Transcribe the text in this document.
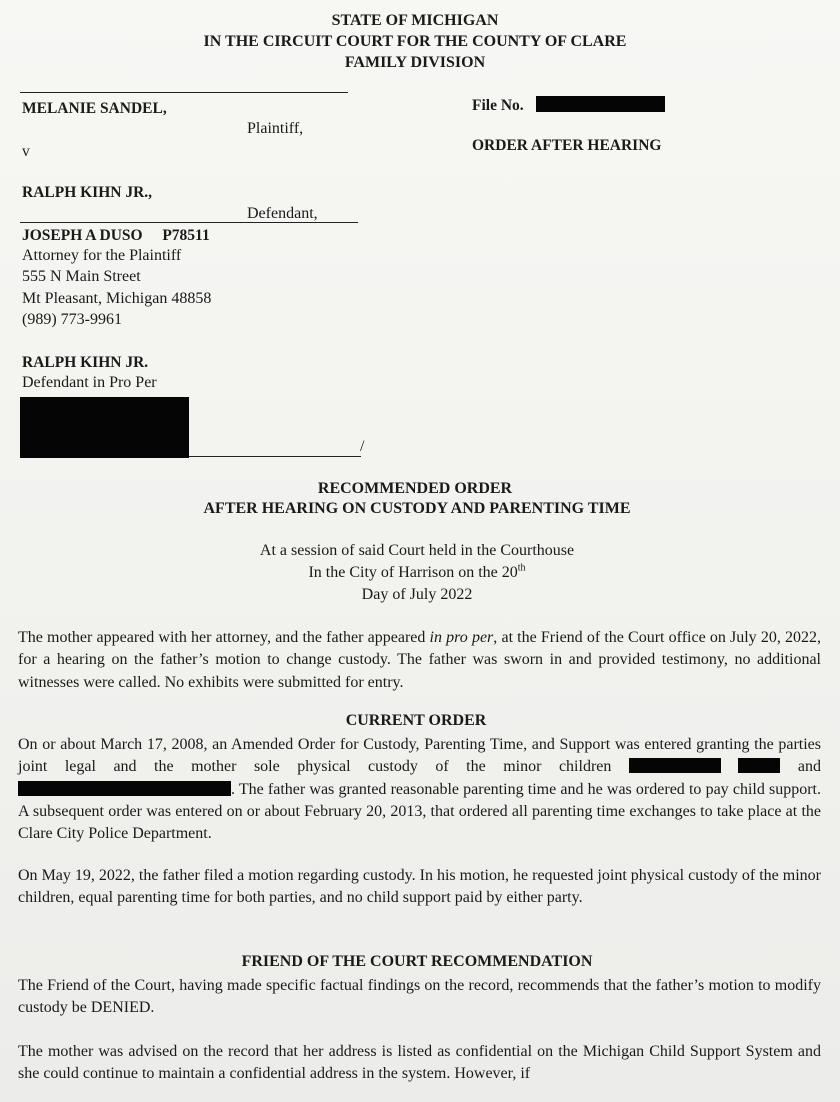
STATE OF MICHIGAN
IN THE CIRCUIT COURT FOR THE COUNTY OF CLARE
FAMILY DIVISION
MELANIE SANDEL,
Plaintiff,
v
RALPH KIHN JR.,
Defendant,
File No.
ORDER AFTER HEARING
JOSEPH A DUSO P78511
Attorney for the Plaintiff
555 N Main Street
Mt Pleasant, Michigan 48858
(989) 773-9961
RALPH KIHN JR.
Defendant in Pro Per
/
RECOMMENDED ORDER
AFTER HEARING ON CUSTODY AND PARENTING TIME
At a session of said Court held in the Courthouse
In the City of Harrison on the 20th
Day of July 2022
The mother appeared with her attorney, and the father appeared in pro per, at the Friend of the Court office on July 20, 2022, for a hearing on the father’s motion to change custody. The father was sworn in and provided testimony, no additional witnesses were called. No exhibits were submitted for entry.
CURRENT ORDER
On or about March 17, 2008, an Amended Order for Custody, Parenting Time, and Support was entered granting the parties joint legal and the mother sole physical custody of the minor children	and . The father was granted reasonable parenting time and he was ordered to pay child support. A subsequent order was entered on or about February 20, 2013, that ordered all parenting time exchanges to take place at the Clare City Police Department.
On May 19, 2022, the father filed a motion regarding custody. In his motion, he requested joint physical custody of the minor children, equal parenting time for both parties, and no child support paid by either party.
FRIEND OF THE COURT RECOMMENDATION
The Friend of the Court, having made specific factual findings on the record, recommends that the father’s motion to modify custody be DENIED.
The mother was advised on the record that her address is listed as confidential on the Michigan Child Support System and she could continue to maintain a confidential address in the system. However, if
